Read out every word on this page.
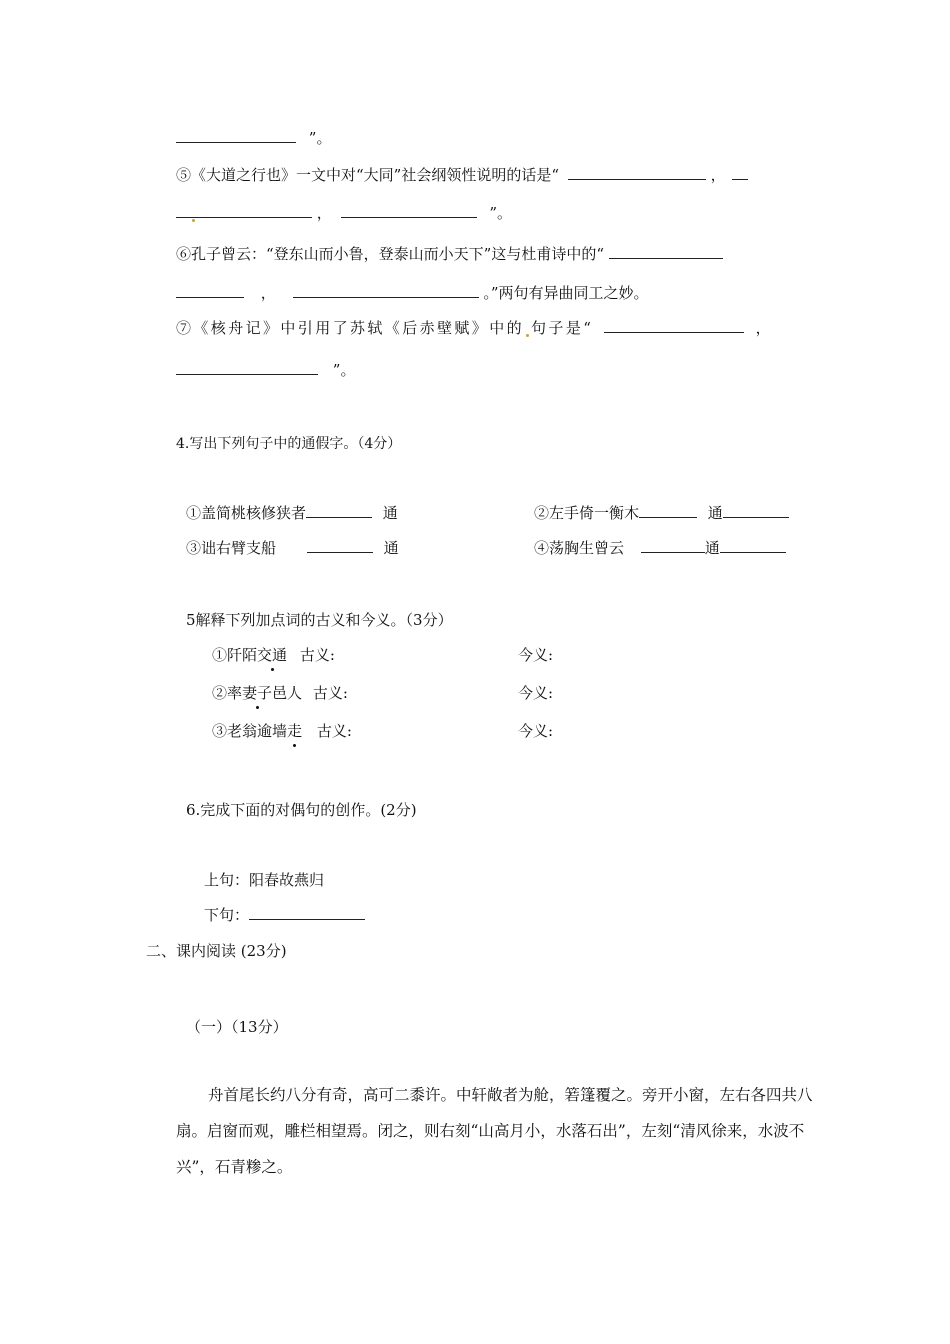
”。
⑤《大道之行也》一文中对“大同”社会纲领性说明的话是“	，
，	”。
⑥孔子曾云：“登东山而小鲁，登泰山而小天下”这与杜甫诗中的“
，	。”两句有异曲同工之妙。
⑦《核舟记》中引用了苏轼《后赤壁赋》中的 句子是“	，
”。
4.写出下列句子中的通假字。（4分）
①盖简桃核修狭者	通	②左手倚一衡木	通
③诎右臂支船	通	④荡胸生曾云	通
5解释下列加点词的古义和今义。（3分）
①阡陌交通 古义:	今义:
②率妻子邑人 古义:	今义:
③老翁逾墙走 古义:	今义:
6.完成下面的对偶句的创作。(2分)
上句：阳春故燕归
下句：
二、课内阅读 (23分)
（一）（13分）
舟首尾长约八分有奇，高可二黍许。中轩敞者为舱，箬篷覆之。旁开小窗，左右各四共八扇。启窗而观，雕栏相望焉。闭之，则右刻“山高月小，水落石出”，左刻“清风徐来，水波不兴”，石青糁之。
